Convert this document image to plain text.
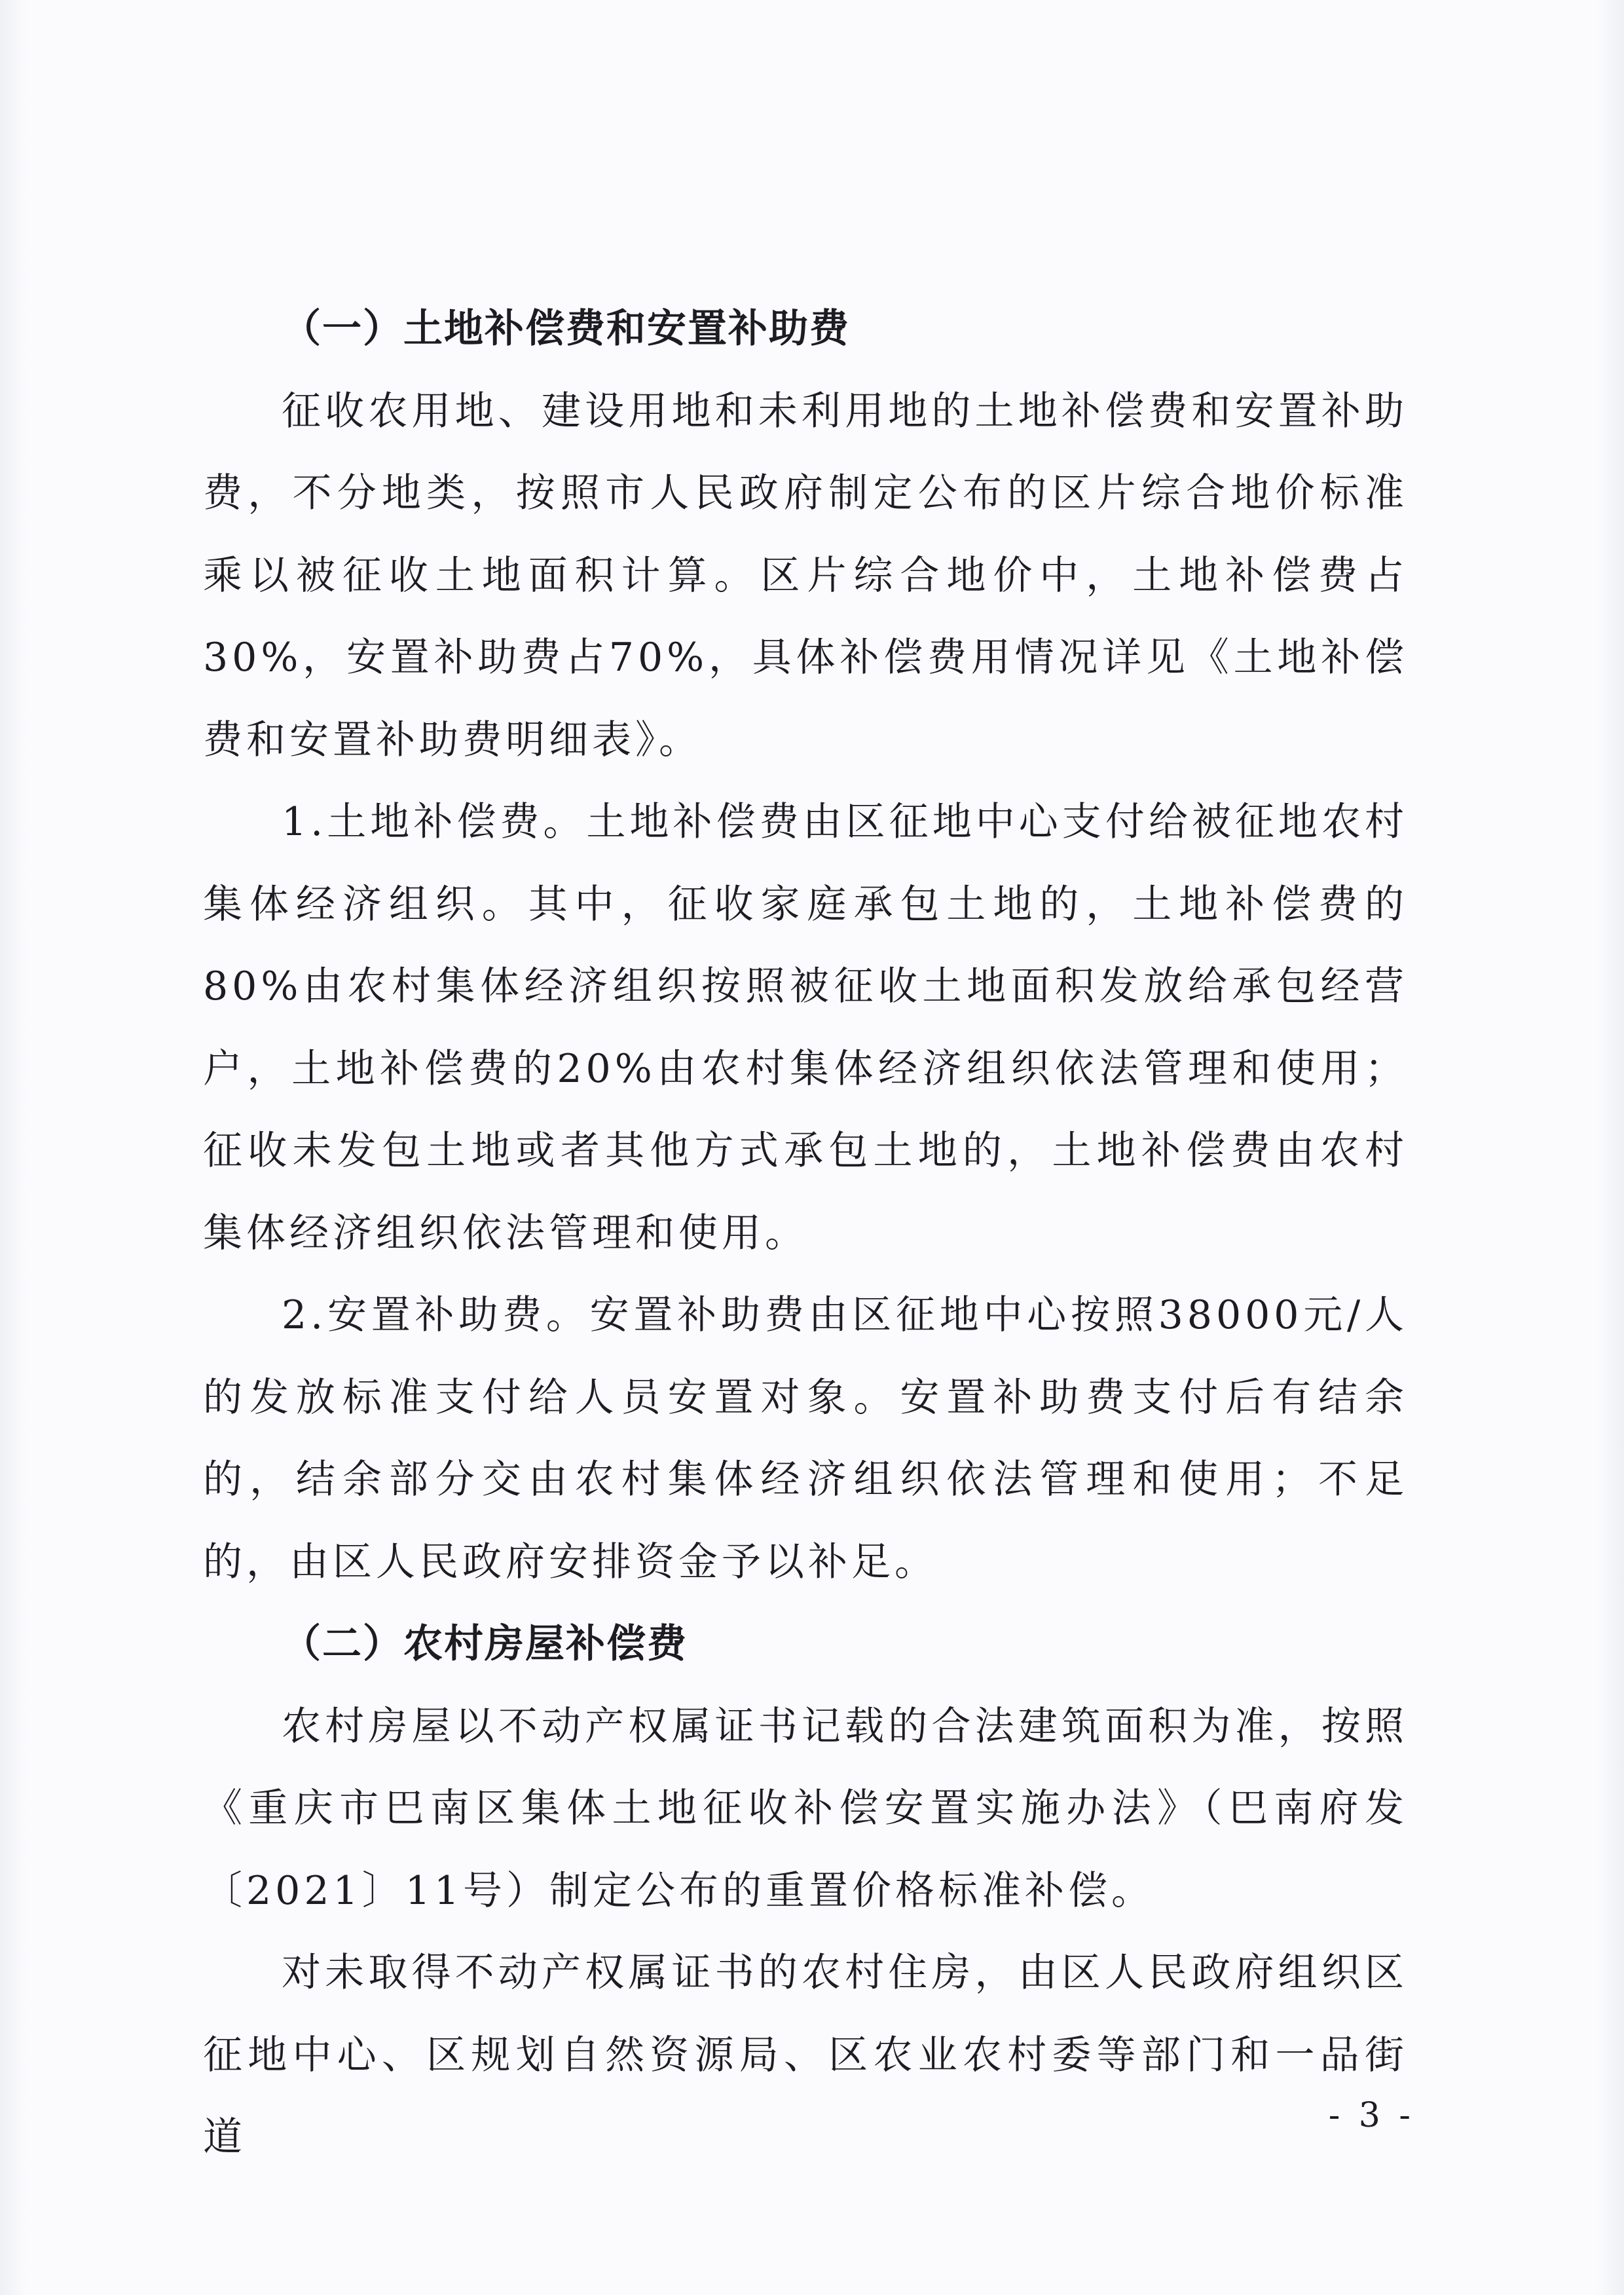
（一）土地补偿费和安置补助费

征收农用地、建设用地和未利用地的土地补偿费和安置补助费，不分地类，按照市人民政府制定公布的区片综合地价标准乘以被征收土地面积计算。区片综合地价中，土地补偿费占30%，安置补助费占70%，具体补偿费用情况详见《土地补偿费和安置补助费明细表》。

1.土地补偿费。土地补偿费由区征地中心支付给被征地农村集体经济组织。其中，征收家庭承包土地的，土地补偿费的80%由农村集体经济组织按照被征收土地面积发放给承包经营户，土地补偿费的20%由农村集体经济组织依法管理和使用；征收未发包土地或者其他方式承包土地的，土地补偿费由农村集体经济组织依法管理和使用。

2.安置补助费。安置补助费由区征地中心按照38000元/人的发放标准支付给人员安置对象。安置补助费支付后有结余的，结余部分交由农村集体经济组织依法管理和使用；不足的，由区人民政府安排资金予以补足。

（二）农村房屋补偿费

农村房屋以不动产权属证书记载的合法建筑面积为准，按照《重庆市巴南区集体土地征收补偿安置实施办法》（巴南府发〔2021〕11号）制定公布的重置价格标准补偿。

对未取得不动产权属证书的农村住房，由区人民政府组织区征地中心、区规划自然资源局、区农业农村委等部门和一品街道	- 3 -
